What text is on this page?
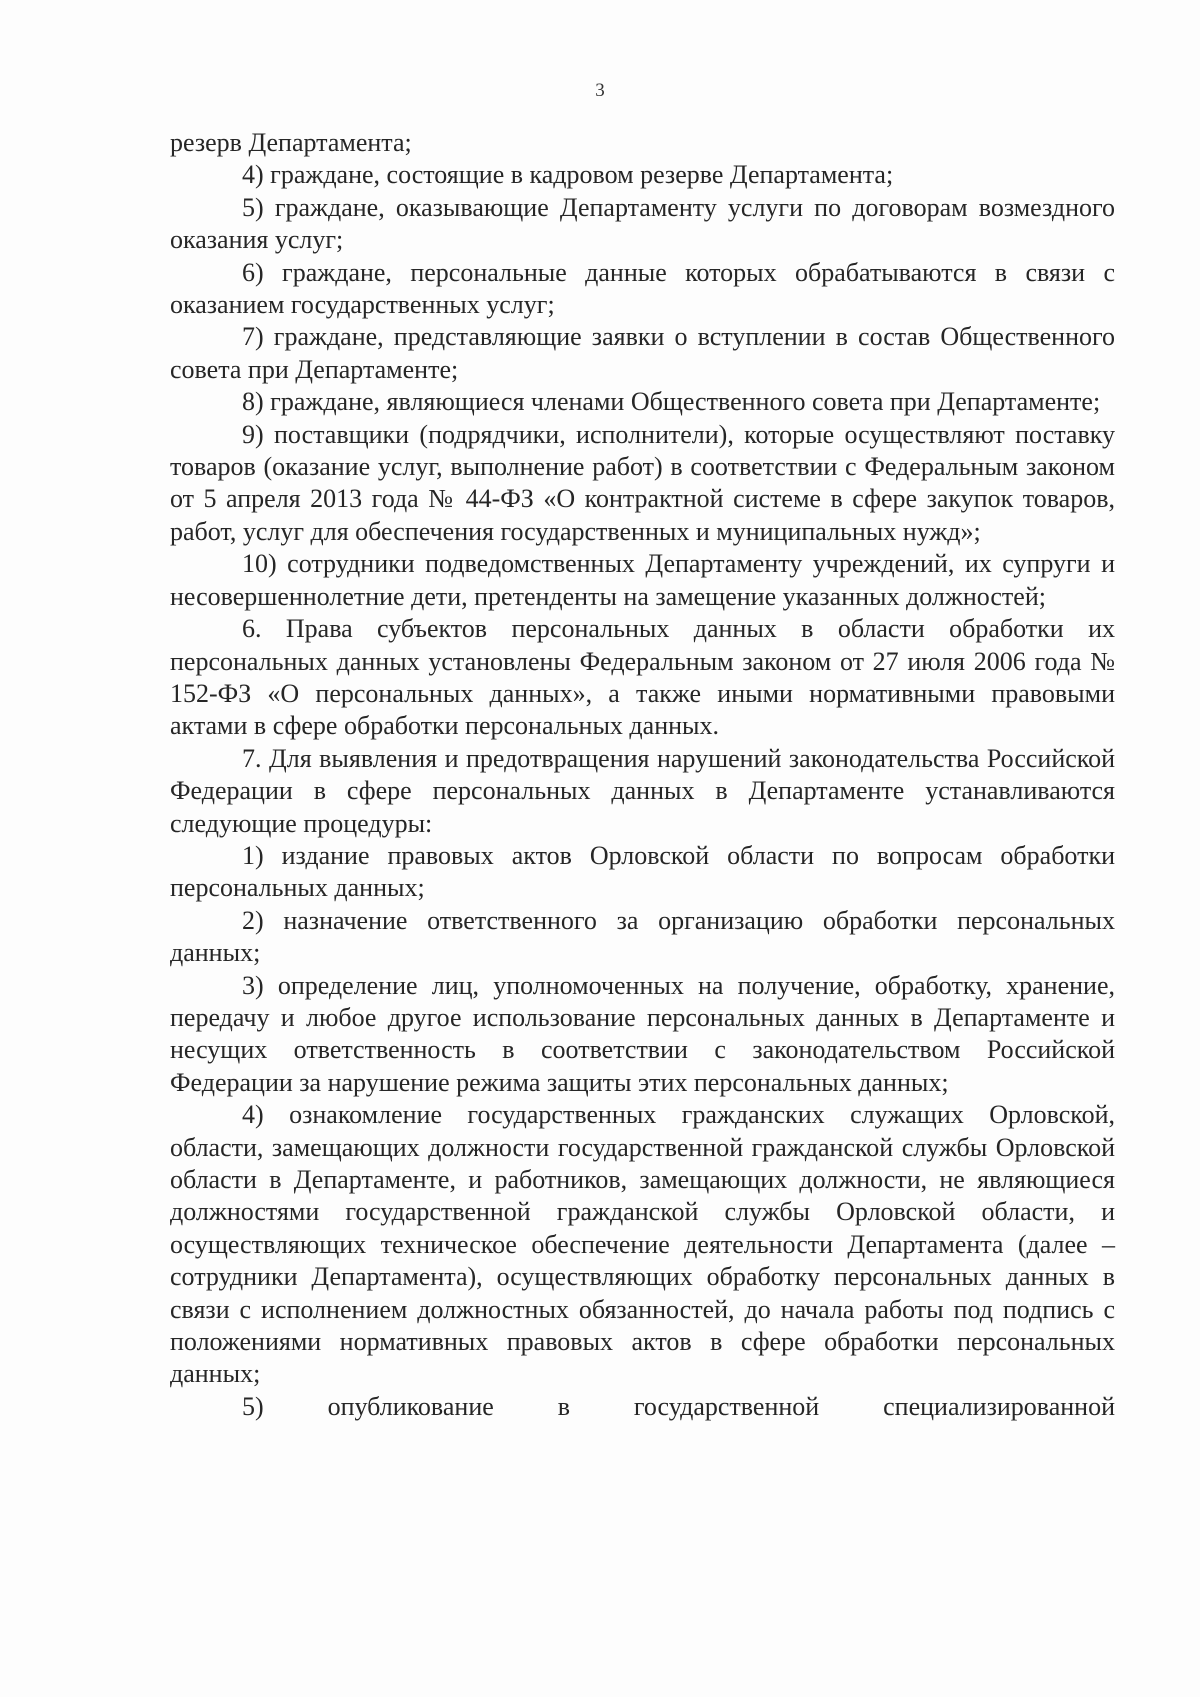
3

резерв Департамента;

4) граждане, состоящие в кадровом резерве Департамента;

5) граждане, оказывающие Департаменту услуги по договорам возмездного оказания услуг;

6) граждане, персональные данные которых обрабатываются в связи с оказанием государственных услуг;

7) граждане, представляющие заявки о вступлении в состав Общественного совета при Департаменте;

8) граждане, являющиеся членами Общественного совета при Департаменте;

9) поставщики (подрядчики, исполнители), которые осуществляют поставку товаров (оказание услуг, выполнение работ) в соответствии с Федеральным законом от 5 апреля 2013 года № 44-ФЗ «О контрактной системе в сфере закупок товаров, работ, услуг для обеспечения государственных и муниципальных нужд»;

10) сотрудники подведомственных Департаменту учреждений, их супруги и несовершеннолетние дети, претенденты на замещение указанных должностей;

6. Права субъектов персональных данных в области обработки их персональных данных установлены Федеральным законом от 27 июля 2006 года № 152-ФЗ «О персональных данных», а также иными нормативными правовыми актами в сфере обработки персональных данных.

7. Для выявления и предотвращения нарушений законодательства Российской Федерации в сфере персональных данных в Департаменте устанавливаются следующие процедуры:

1) издание правовых актов Орловской области по вопросам обработки персональных данных;

2) назначение ответственного за организацию обработки персональных данных;

3) определение лиц, уполномоченных на получение, обработку, хранение, передачу и любое другое использование персональных данных в Департаменте и несущих ответственность в соответствии с законодательством Российской Федерации за нарушение режима защиты этих персональных данных;

4) ознакомление государственных гражданских служащих Орловской, области, замещающих должности государственной гражданской службы Орловской области в Департаменте, и работников, замещающих должности, не являющиеся должностями государственной гражданской службы Орловской области, и осуществляющих техническое обеспечение деятельности Департамента (далее – сотрудники Департамента), осуществляющих обработку персональных данных в связи с исполнением должностных обязанностей, до начала работы под подпись с положениями нормативных правовых актов в сфере обработки персональных данных;

5) опубликование в государственной специализированной
